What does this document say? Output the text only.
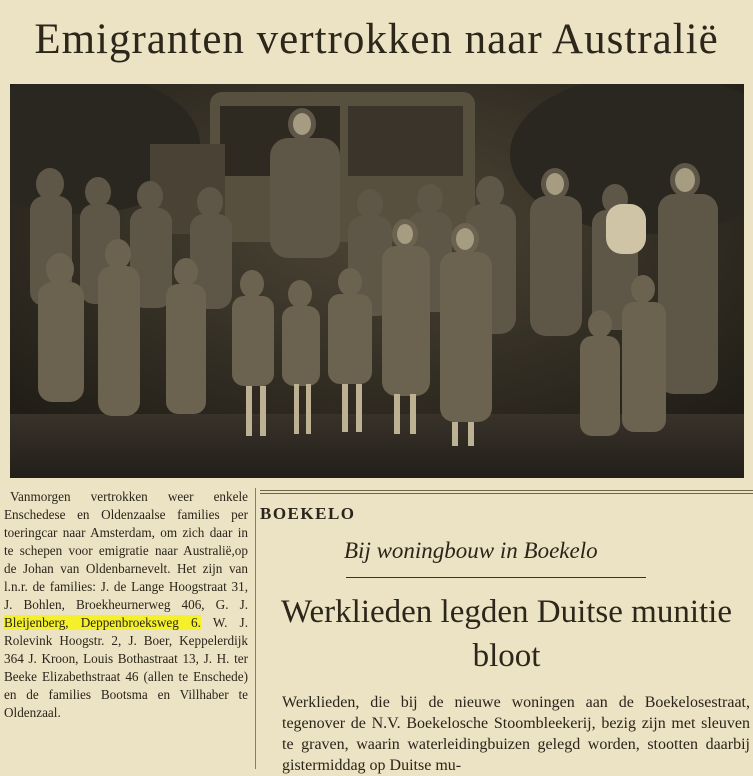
Emigranten vertrokken naar Australië

Vanmorgen vertrokken weer enkele Enschedese en Oldenzaalse families per toeringcar naar Amsterdam, om zich daar in te schepen voor emigratie naar Australië,op de Johan van Oldenbarnevelt. Het zijn van l.n.r. de families: J. de Lange Hoogstraat 31, J. Bohlen, Broekheurnerweg 406, G. J. Bleijenberg, Deppenbroeksweg 6. W. J. Rolevink Hoogstr. 2, J. Boer, Keppelerdijk 364 J. Kroon, Louis Bothastraat 13, J. H. ter Beeke Elizabethstraat 46 (allen te Enschede) en de families Bootsma en Villhaber te Oldenzaal.

BOEKELO
Bij woningbouw in Boekelo
Werklieden legden Duitse munitie bloot

Werklieden, die bij de nieuwe woningen aan de Boekelosestraat, tegenover de N.V. Boekelosche Stoombleekerij, bezig zijn met sleuven te graven, waarin waterleidingbuizen gelegd worden, stootten daarbij gistermiddag op Duitse mu-
